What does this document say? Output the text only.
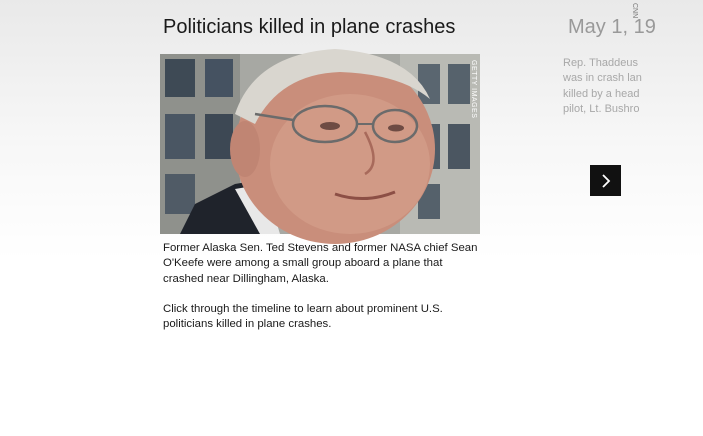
Politicians killed in plane crashes
GETTY IMAGES

Former Alaska Sen. Ted Stevens and former NASA chief Sean O'Keefe were among a small group aboard a plane that crashed near Dillingham, Alaska.

Click through the timeline to learn about prominent U.S. politicians killed in plane crashes.

May 1, 19
Rep. Thaddeus
was in crash lan
killed by a head
pilot, Lt. Bushro
CNN
